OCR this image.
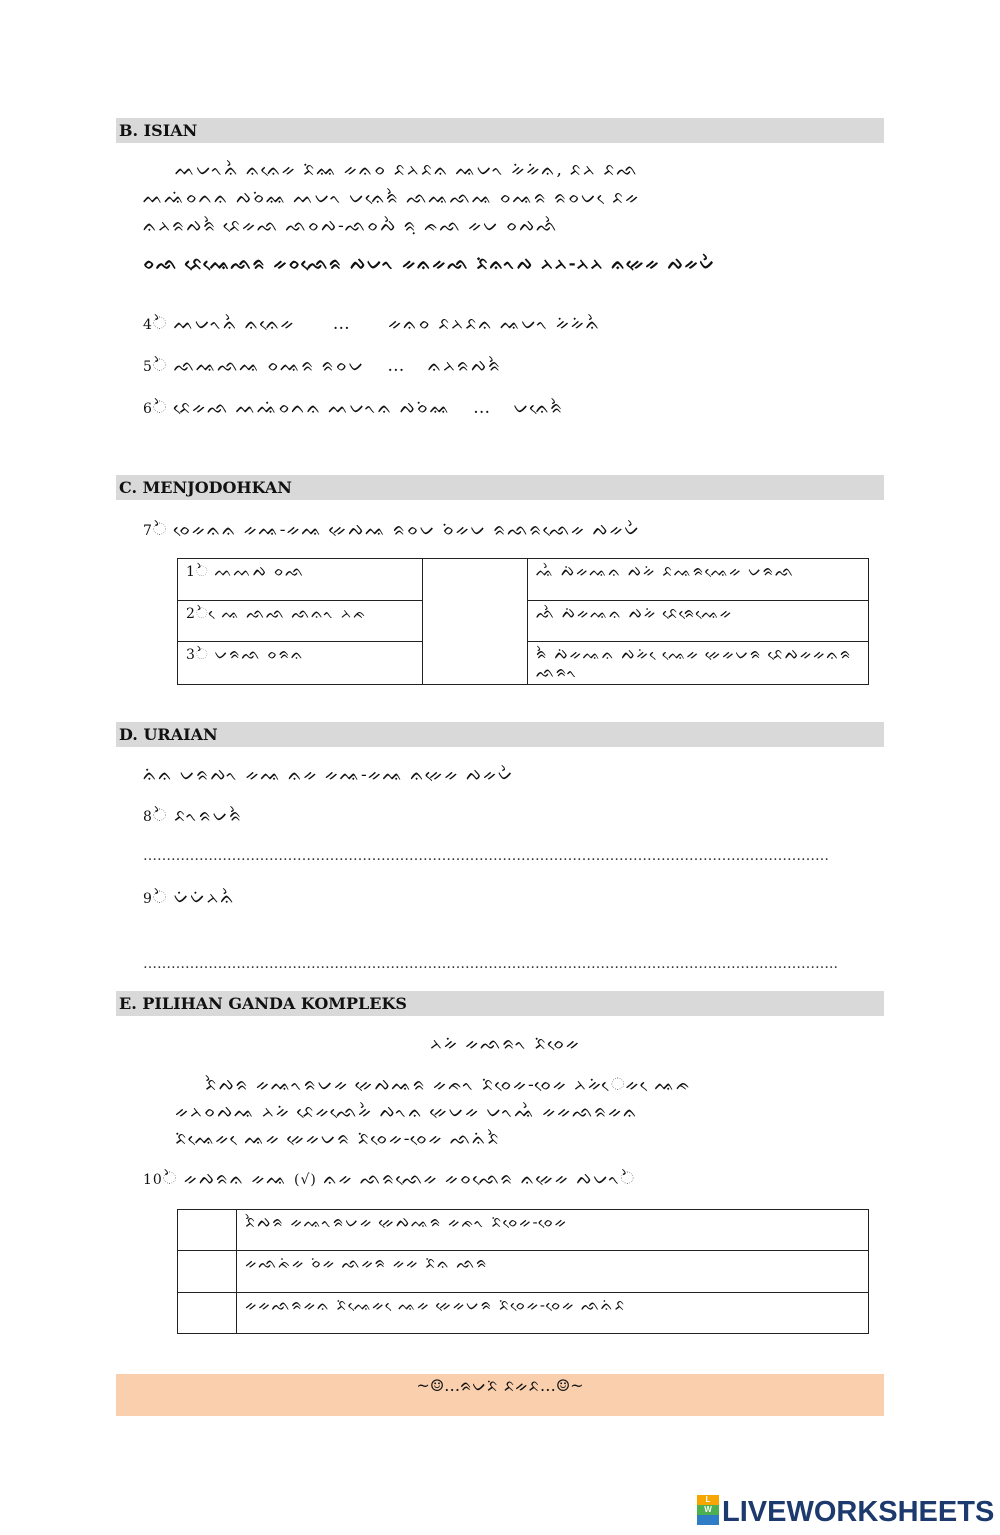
B. ISIAN
ᨓᨆᨚᨊᨛ ᨊᨊᨙᨀ ᨅᨗᨐ ᨀᨊᨔ ᨅᨂᨅᨊ ᨕᨆᨚ ᨀᨗᨀᨗᨊ, ᨅᨂ ᨅᨒ
ᨓᨕᨗᨔᨈᨊ ᨄᨔᨗᨐ ᨓᨆᨚ ᨆᨊᨙᨑᨛ ᨒᨕᨒᨕ ᨔᨕᨑ ᨑᨔᨆ ᨙᨅᨀ
ᨊᨂᨑᨄᨑᨛ ᨅᨙᨀᨒ ᨒᨔᨄ-ᨒᨔᨄᨛ ᨑᨘ ᨃᨒ ᨀᨆ ᨔᨄᨒᨛ
ᨔᨒ ᨅᨙᨕᨙᨒᨑ ᨀᨔᨒᨙᨑ ᨄᨆᨚ ᨀᨊᨀᨒ ᨅᨗᨊᨚᨄ ᨂᨂ-ᨂᨂ ᨊᨀᨙᨀ ᨄᨀᨆᨛ
4ᨛ ᨓᨆᨚᨊᨛ ᨊᨊᨙᨀ … ᨀᨊᨔ ᨅᨂᨅᨊ ᨕᨆᨚ ᨀᨗᨀᨗᨊᨛ
5ᨛ ᨒᨕᨒᨕ ᨔᨕᨑ ᨑᨔᨆ … ᨊᨂᨑᨄᨑᨛ
6ᨛ ᨅᨙᨀᨒ ᨓᨕᨗᨔᨈᨊ ᨓᨆᨚᨊ ᨄᨔᨗᨐ … ᨆᨊᨙᨑᨛ
C. MENJODOHKAN
7ᨛ ᨔᨙᨀᨊᨊ ᨀᨕ-ᨀᨕ ᨀᨙᨄᨕ ᨑᨔᨆ ᨔᨗᨀᨆ ᨑᨒᨑᨒᨙᨀ ᨄᨀᨆᨛ
1ᨛ ᨓᨓᨄ ᨔᨒ		ᨕᨛ ᨄᨗᨀᨕᨊ ᨄᨀᨗ ᨅᨕᨑᨕᨙᨀ ᨆᨑᨒ
2ᨛ ᨙᨕ ᨒᨒ ᨒᨊᨚ ᨂᨃ		ᨒᨛ ᨄᨗᨀᨕᨊ ᨄᨀᨗ ᨅᨙᨑᨙᨕᨙᨀ
3ᨛ ᨆᨑᨒ ᨔᨑᨊ		ᨑᨛ ᨄᨗᨀᨕᨊ ᨄᨀᨗ ᨙᨕᨙᨀ ᨀᨙᨀᨆᨑ ᨅᨙᨄᨀᨀᨊᨑ ᨒᨑᨚ
D. URAIAN
ᨊᨗᨊ ᨆᨑᨄᨚ ᨀᨕ ᨊᨀ ᨀᨕ-ᨀᨕ ᨊᨀᨙᨀ ᨄᨀᨆᨛ
8ᨛ ᨅᨚᨑᨆᨑᨛ
…………………………………………………………………………………………………………………………………
9ᨛ ᨆᨗᨆᨗᨂᨊᨛ
…………………………………………………………………………………………………………………………………..
E. PILIHAN GANDA KOMPLEKS
ᨂᨀᨗ ᨀᨒᨑᨚ ᨅᨗᨔᨙᨀ
ᨅᨛᨄᨑ ᨀᨕᨚᨑᨆᨀ ᨀᨙᨄᨕᨑ ᨀᨃᨚ ᨅᨗᨔᨙᨀ-ᨔᨙᨀ ᨂᨀᨗᨙᨀ ᨙᨕᨃ
ᨀᨂᨔᨄᨕ ᨂᨀᨗ ᨅᨙᨀᨒᨙᨀᨛ ᨄᨚᨊ ᨀᨙᨆᨀ ᨆᨚᨕᨛ ᨀᨀᨒᨑᨀᨊ
ᨅᨗᨕᨙᨀ ᨙᨕᨀ ᨀᨙᨀᨆᨑ ᨅᨗᨔᨙᨀ-ᨔᨙᨀ ᨒᨊᨗᨅᨛ
10ᨛ ᨀᨄᨑᨊ ᨀᨕ (√) ᨊᨀ ᨒᨑᨒᨙᨀ ᨀᨔᨒᨙᨑ ᨊᨀᨙᨀ ᨄᨆᨚᨛ
	ᨅᨛᨄᨑ ᨀᨕᨚᨑᨆᨀ ᨀᨙᨄᨕᨑ ᨀᨃᨚ ᨅᨗᨔᨙᨀ-ᨔᨙᨀ
	ᨀᨒᨃᨗᨀ ᨔᨗᨀ ᨒᨀᨑ ᨀᨀ ᨅᨗᨊ ᨒᨑ
	ᨀᨀᨒᨑᨀᨊ ᨅᨗᨕᨙᨀ ᨙᨕᨀ ᨀᨙᨀᨆᨑ ᨅᨗᨔᨙᨀ-ᨔᨙᨀ ᨒᨊᨗᨅ
~☺…ᨑᨆᨅᨗ ᨅᨀᨅ…☺~
L
W LIVEWORKSHEETS
